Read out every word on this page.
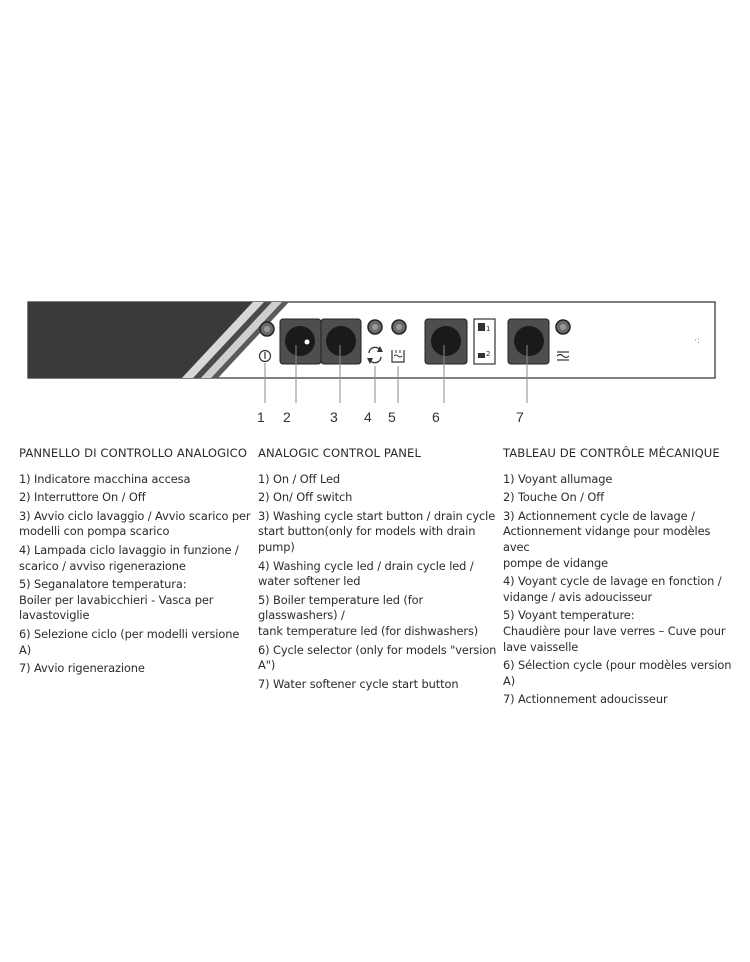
1
2
·:
1 2	3 4 5	6	7
PANNELLO DI CONTROLLO ANALOGICO
1) Indicatore macchina accesa
2) Interruttore On / Off
3) Avvio ciclo lavaggio / Avvio scarico per
modelli con pompa scarico
4) Lampada ciclo lavaggio in funzione /
scarico / avviso rigenerazione
5) Seganalatore temperatura:
Boiler per lavabicchieri - Vasca per
lavastoviglie
6) Selezione ciclo (per modelli versione A)
7) Avvio rigenerazione
ANALOGIC CONTROL PANEL
1) On / Off Led
2) On/ Off switch
3) Washing cycle start button / drain cycle
start button(only for models with drain pump)
4) Washing cycle led / drain cycle led /
water softener led
5) Boiler temperature led (for glasswashers) /
tank temperature led (for dishwashers)
6) Cycle selector (only for models "version A")
7) Water softener cycle start button
TABLEAU DE CONTRÔLE MÉCANIQUE
1) Voyant allumage
2) Touche On / Off
3) Actionnement cycle de lavage /
Actionnement vidange pour modèles avec
pompe de vidange
4) Voyant cycle de lavage en fonction /
vidange / avis adoucisseur
5) Voyant temperature:
Chaudière pour lave verres – Cuve pour
lave vaisselle
6) Sélection cycle (pour modèles version A)
7) Actionnement adoucisseur
